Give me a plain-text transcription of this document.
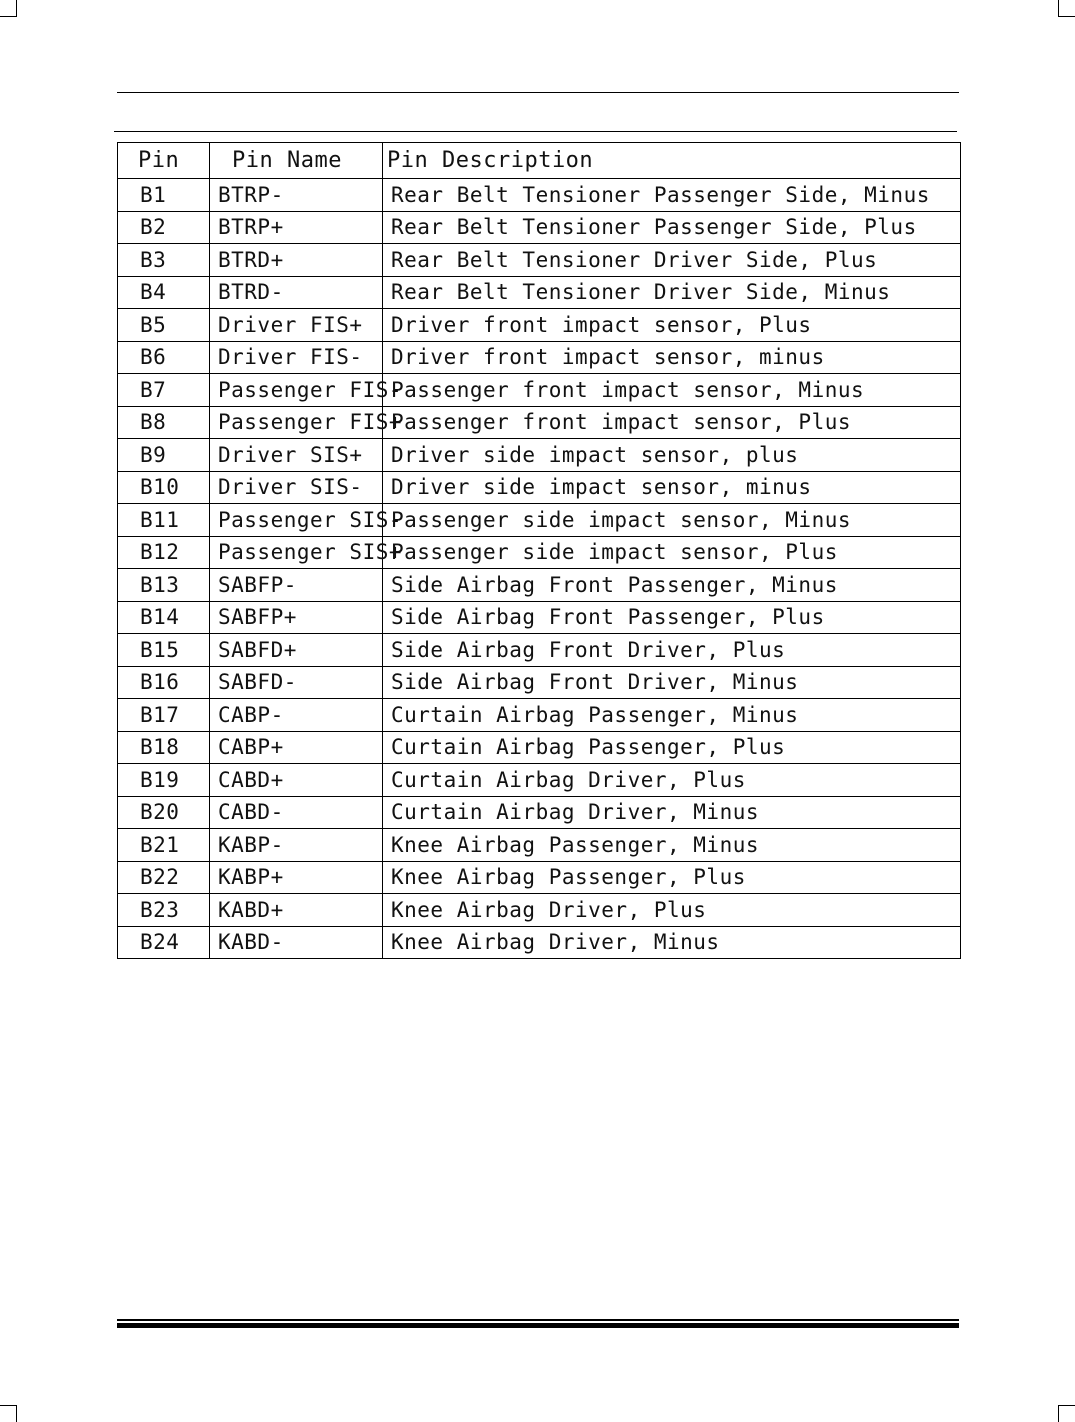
Pin	Pin Name	Pin Description
B1	BTRP-	Rear Belt Tensioner Passenger Side, Minus
B2	BTRP+	Rear Belt Tensioner Passenger Side, Plus
B3	BTRD+	Rear Belt Tensioner Driver Side, Plus
B4	BTRD-	Rear Belt Tensioner Driver Side, Minus
B5	Driver FIS+	Driver front impact sensor, Plus
B6	Driver FIS-	Driver front impact sensor, minus
B7	Passenger FIS-	Passenger front impact sensor, Minus
B8	Passenger FIS+	Passenger front impact sensor, Plus
B9	Driver SIS+	Driver side impact sensor, plus
B10	Driver SIS-	Driver side impact sensor, minus
B11	Passenger SIS-	Passenger side impact sensor, Minus
B12	Passenger SIS+	Passenger side impact sensor, Plus
B13	SABFP-	Side Airbag Front Passenger, Minus
B14	SABFP+	Side Airbag Front Passenger, Plus
B15	SABFD+	Side Airbag Front Driver, Plus
B16	SABFD-	Side Airbag Front Driver, Minus
B17	CABP-	Curtain Airbag Passenger, Minus
B18	CABP+	Curtain Airbag Passenger, Plus
B19	CABD+	Curtain Airbag Driver, Plus
B20	CABD-	Curtain Airbag Driver, Minus
B21	KABP-	Knee Airbag Passenger, Minus
B22	KABP+	Knee Airbag Passenger, Plus
B23	KABD+	Knee Airbag Driver, Plus
B24	KABD-	Knee Airbag Driver, Minus
